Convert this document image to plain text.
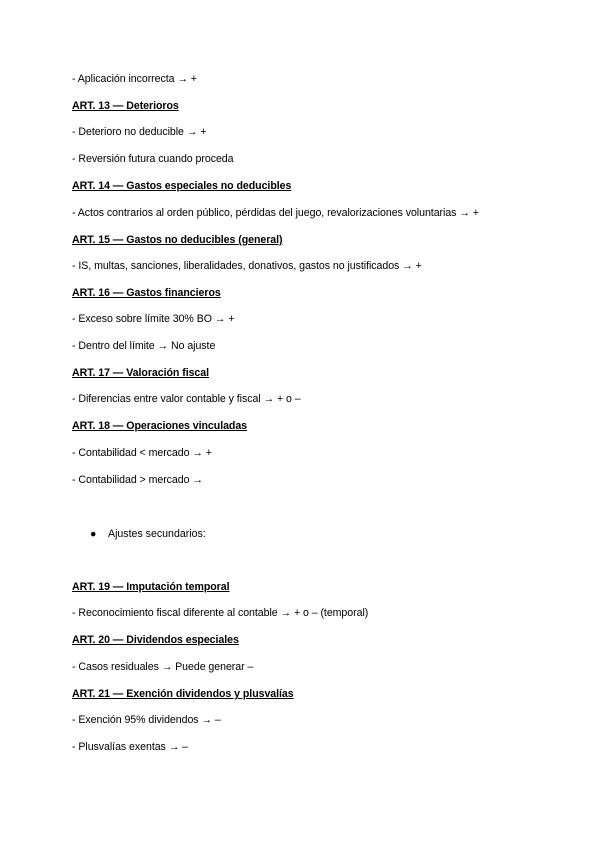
- Aplicación incorrecta → +
ART. 13 — Deterioros
- Deterioro no deducible → +
- Reversión futura cuando proceda
ART. 14 — Gastos especiales no deducibles
- Actos contrarios al orden público, pérdidas del juego, revalorizaciones voluntarias → +
ART. 15 — Gastos no deducibles (general)
- IS, multas, sanciones, liberalidades, donativos, gastos no justificados → +
ART. 16 — Gastos financieros
- Exceso sobre límite 30% BO → +
- Dentro del límite → No ajuste
ART. 17 — Valoración fiscal
- Diferencias entre valor contable y fiscal → + o –
ART. 18 — Operaciones vinculadas
- Contabilidad < mercado → +
- Contabilidad > mercado →
● Ajustes secundarios:
ART. 19 — Imputación temporal
- Reconocimiento fiscal diferente al contable → + o – (temporal)
ART. 20 — Dividendos especiales
- Casos residuales → Puede generar –
ART. 21 — Exención dividendos y plusvalías
- Exención 95% dividendos → –
- Plusvalías exentas → –
